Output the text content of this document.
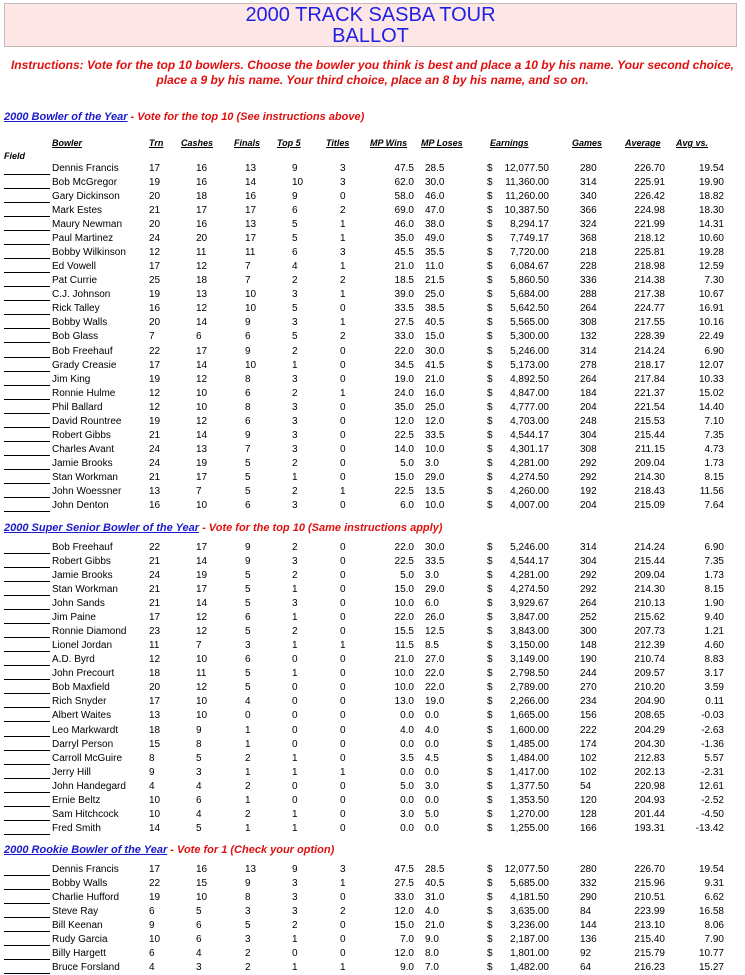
2000 TRACK SASBA TOUR
BALLOT
Instructions: Vote for the top 10 bowlers. Choose the bowler you think is best and place a 10 by his name. Your second choice, place a 9 by his name. Your third choice, place an 8 by his name, and so on.
2000 Bowler of the Year - Vote for the top 10 (See instructions above)
Bowler	Trn Cashes Finals Top 5	Titles MP Wins MP Loses	Earnings	Games	Average Avg vs.
Field
Dennis Francis	17	16	13	9	3	47.5 28.5	$ 12,077.50	280	226.70	19.54
Bob McGregor	19	16	14	10	3	62.0 30.0	$ 11,360.00	314	225.91	19.90
Gary Dickinson	20	18	16	9	0	58.0 46.0	$ 11,260.00	340	226.42	18.82
Mark Estes	21	17	17	6	2	69.0 47.0	$ 10,387.50	366	224.98	18.30
Maury Newman	20	16	13	5	1	46.0 38.0	$ 8,294.17	324	221.99	14.31
Paul Martinez	24	20	17	5	1	35.0 49.0	$ 7,749.17	368	218.12	10.60
Bobby Wilkinson 12	11	11	6	3	45.5 35.5	$ 7,720.00	218	225.81	19.28
Ed Vowell	17	12	7	4	1	21.0 11.0	$ 6,084.67	228	218.98	12.59
Pat Currie	25	18	7	2	2	18.5 21.5	$ 5,860.50	336	214.38	7.30
C.J. Johnson	19	13	10	3	1	39.0 25.0	$ 5,684.00	288	217.38	10.67
Rick Talley	16	12	10	5	0	33.5 38.5	$ 5,642.50	264	224.77	16.91
Bobby Walls	20	14	9	3	1	27.5 40.5	$ 5,565.00	308	217.55	10.16
Bob Glass	7	6	6	5	2	33.0 15.0	$ 5,300.00	132	228.39	22.49
Bob Freehauf	22	17	9	2	0	22.0 30.0	$ 5,246.00	314	214.24	6.90
Grady Creasie	17	14	10	1	0	34.5 41.5	$ 5,173.00	278	218.17	12.07
Jim King	19	12	8	3	0	19.0 21.0	$ 4,892.50	264	217.84	10.33
Ronnie Hulme	12	10	6	2	1	24.0 16.0	$ 4,847.00	184	221.37	15.02
Phil Ballard	12	10	8	3	0	35.0 25.0	$ 4,777.00	204	221.54	14.40
David Rountree	19	12	6	3	0	12.0 12.0	$ 4,703.00	248	215.53	7.10
Robert Gibbs	21	14	9	3	0	22.5 33.5	$ 4,544.17	304	215.44	7.35
Charles Avant	24	13	7	3	0	14.0 10.0	$ 4,301.17	308	211.15	4.73
Jamie Brooks	24	19	5	2	0	5.0 3.0	$ 4,281.00	292	209.04	1.73
Stan Workman	21	17	5	1	0	15.0 29.0	$ 4,274.50	292	214.30	8.15
John Woessner	13	7	5	2	1	22.5 13.5	$ 4,260.00	192	218.43	11.56
John Denton	16	10	6	3	0	6.0 10.0	$ 4,007.00	204	215.09	7.64
2000 Super Senior Bowler of the Year - Vote for the top 10 (Same instructions apply)
Bob Freehauf	22	17	9	2	0	22.0 30.0	$ 5,246.00	314	214.24	6.90
Robert Gibbs	21	14	9	3	0	22.5 33.5	$ 4,544.17	304	215.44	7.35
Jamie Brooks	24	19	5	2	0	5.0 3.0	$ 4,281.00	292	209.04	1.73
Stan Workman	21	17	5	1	0	15.0 29.0	$ 4,274.50	292	214.30	8.15
John Sands	21	14	5	3	0	10.0 6.0	$ 3,929.67	264	210.13	1.90
Jim Paine	17	12	6	1	0	22.0 26.0	$ 3,847.00	252	215.62	9.40
Ronnie Diamond 23	12	5	2	0	15.5 12.5	$ 3,843.00	300	207.73	1.21
Lionel Jordan	11	7	3	1	1	11.5 8.5	$ 3,150.00	148	212.39	4.60
A.D. Byrd	12	10	6	0	0	21.0 27.0	$ 3,149.00	190	210.74	8.83
John Precourt	18	11	5	1	0	10.0 22.0	$ 2,798.50	244	209.57	3.17
Bob Maxfield	20	12	5	0	0	10.0 22.0	$ 2,789.00	270	210.20	3.59
Rich Snyder	17	10	4	0	0	13.0 19.0	$ 2,266.00	234	204.90	0.11
Albert Waites	13	10	0	0	0	0.0 0.0	$ 1,665.00	156	208.65	-0.03
Leo Markwardt	18	9	1	0	0	4.0 4.0	$ 1,600.00	222	204.29	-2.63
Darryl Person	15	8	1	0	0	0.0 0.0	$ 1,485.00	174	204.30	-1.36
Carroll McGuire	8	5	2	1	0	3.5 4.5	$ 1,484.00	102	212.83	5.57
Jerry Hill	9	3	1	1	1	0.0 0.0	$ 1,417.00	102	202.13	-2.31
John Handegard 4	4	2	0	0	5.0 3.0	$ 1,377.50	54	220.98	12.61
Ernie Beltz	10	6	1	0	0	0.0 0.0	$ 1,353.50	120	204.93	-2.52
Sam Hitchcock	10	4	2	1	0	3.0 5.0	$ 1,270.00	128	201.44	-4.50
Fred Smith	14	5	1	1	0	0.0 0.0	$ 1,255.00	166	193.31	-13.42
2000 Rookie Bowler of the Year - Vote for 1 (Check your option)
Dennis Francis	17	16	13	9	3	47.5 28.5	$ 12,077.50	280	226.70	19.54
Bobby Walls	22	15	9	3	1	27.5 40.5	$ 5,685.00	332	215.96	9.31
Charlie Hufford	19	10	8	3	0	33.0 31.0	$ 4,181.50	290	210.51	6.62
Steve Ray	6	5	3	3	2	12.0 4.0	$ 3,635.00	84	223.99	16.58
Bill Keenan	9	6	5	2	0	15.0 21.0	$ 3,236.00	144	213.10	8.06
Rudy Garcia	10	6	3	1	0	7.0 9.0	$ 2,187.00	136	215.40	7.90
Billy Hargett	6	4	2	0	0	12.0 8.0	$ 1,801.00	92	215.79	10.77
Bruce Forsland	4	3	2	1	1	9.0 7.0	$ 1,482.00	64	216.23	15.27
